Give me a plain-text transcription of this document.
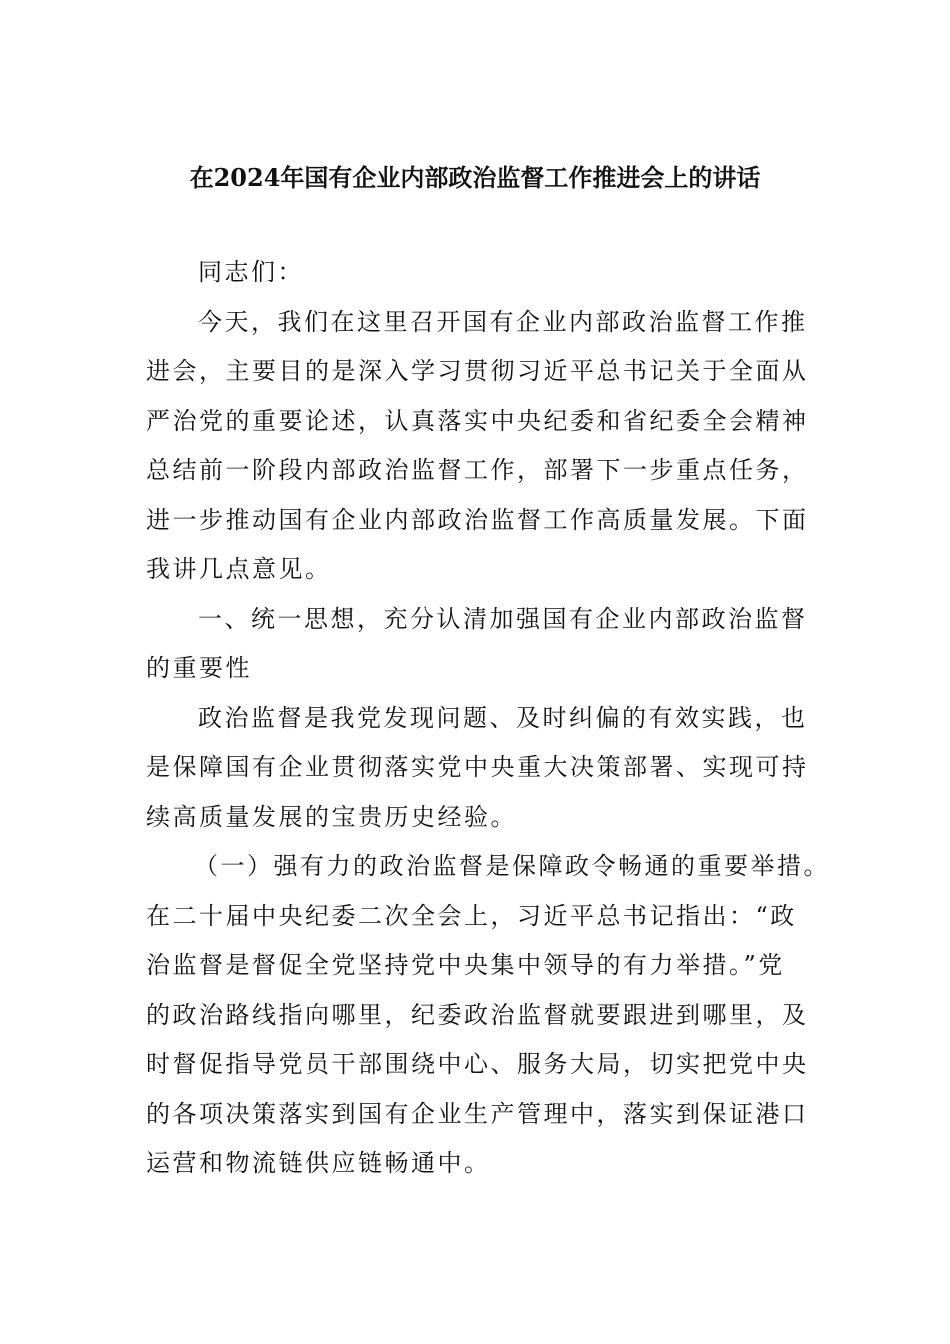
在2024年国有企业内部政治监督工作推进会上的讲话
同志们：
今天，我们在这里召开国有企业内部政治监督工作推
进会，主要目的是深入学习贯彻习近平总书记关于全面从
严治党的重要论述，认真落实中央纪委和省纪委全会精神
总结前一阶段内部政治监督工作，部署下一步重点任务，
进一步推动国有企业内部政治监督工作高质量发展。下面
我讲几点意见。
一、统一思想，充分认清加强国有企业内部政治监督
的重要性
政治监督是我党发现问题、及时纠偏的有效实践，也
是保障国有企业贯彻落实党中央重大决策部署、实现可持
续高质量发展的宝贵历史经验。
（一）强有力的政治监督是保障政令畅通的重要举措。
在二十届中央纪委二次全会上，习近平总书记指出：“政
治监督是督促全党坚持党中央集中领导的有力举措。”党
的政治路线指向哪里，纪委政治监督就要跟进到哪里，及
时督促指导党员干部围绕中心、服务大局，切实把党中央
的各项决策落实到国有企业生产管理中，落实到保证港口
运营和物流链供应链畅通中。
